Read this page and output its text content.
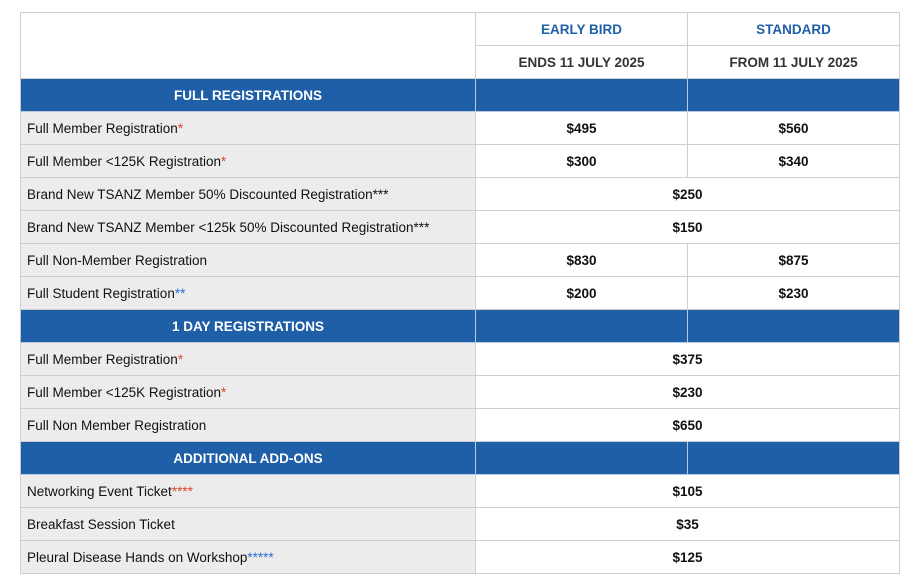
	EARLY BIRD	STANDARD
	ENDS 11 JULY 2025	FROM 11 JULY 2025
FULL REGISTRATIONS		
Full Member Registration*	$495	$560
Full Member <125K Registration*	$300	$340
Brand New TSANZ Member 50% Discounted Registration***	$250	
Brand New TSANZ Member <125k 50% Discounted Registration***	$150	
Full Non-Member Registration	$830	$875
Full Student Registration**	$200	$230
1 DAY REGISTRATIONS		
Full Member Registration*	$375	
Full Member <125K Registration*	$230	
Full Non Member Registration	$650	
ADDITIONAL ADD-ONS		
Networking Event Ticket****	$105	
Breakfast Session Ticket	$35	
Pleural Disease Hands on Workshop*****	$125	
